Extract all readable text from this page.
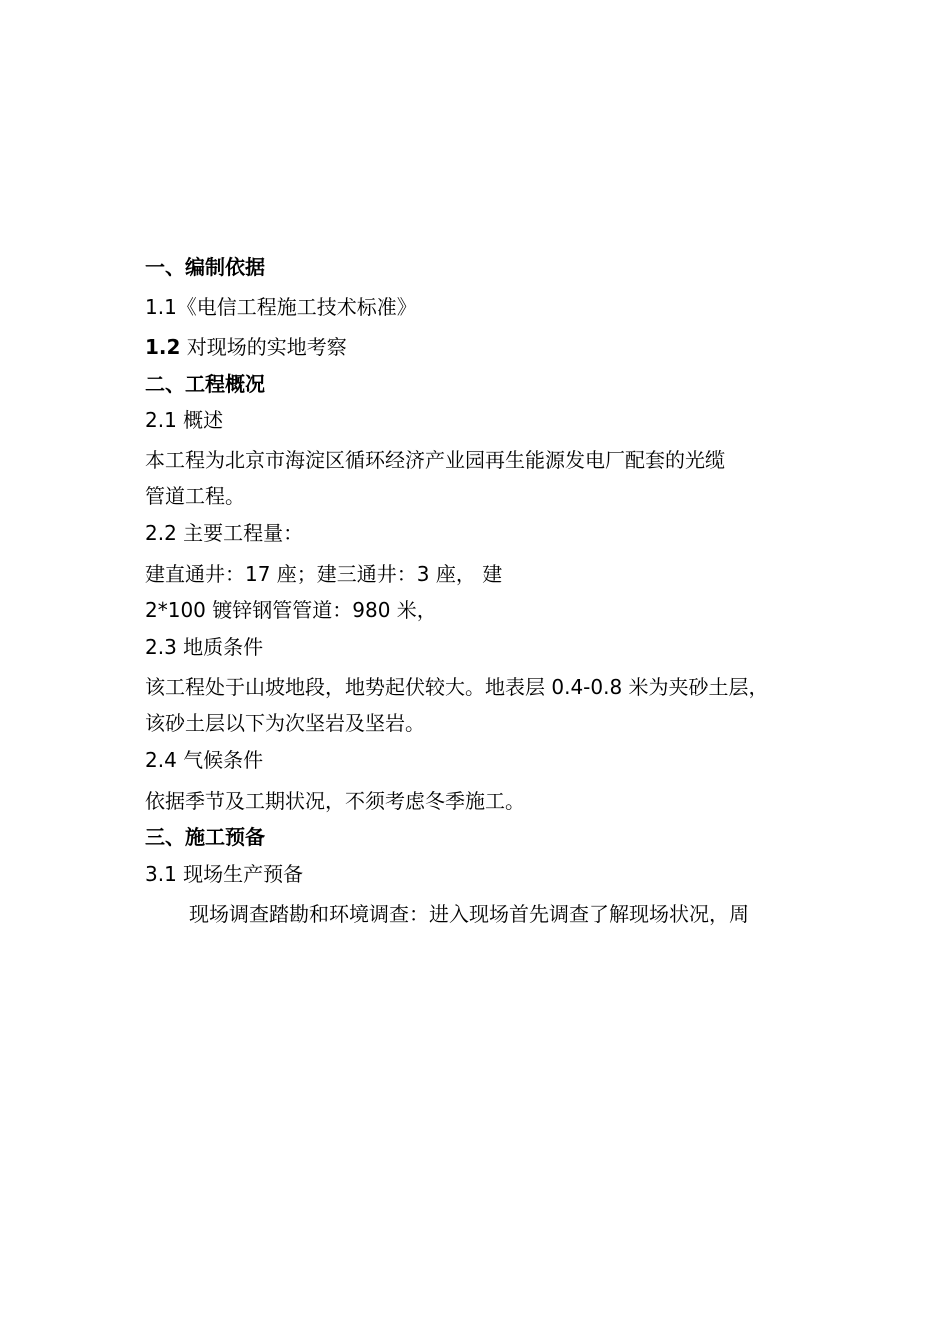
一、编制依据

1.1《电信工程施工技术标准》

1.2 对现场的实地考察

二、工程概况

2.1 概述

本工程为北京市海淀区循环经济产业园再生能源发电厂配套的光缆

管道工程。

2.2 主要工程量：

建直通井：17 座；建三通井：3 座， 建

2*100 镀锌钢管管道：980 米，

2.3 地质条件

该工程处于山坡地段，地势起伏较大。地表层 0.4-0.8 米为夹砂土层，

该砂土层以下为次坚岩及坚岩。

2.4 气候条件

依据季节及工期状况，不须考虑冬季施工。

三、施工预备

3.1 现场生产预备

现场调查踏勘和环境调查：进入现场首先调查了解现场状况，周
